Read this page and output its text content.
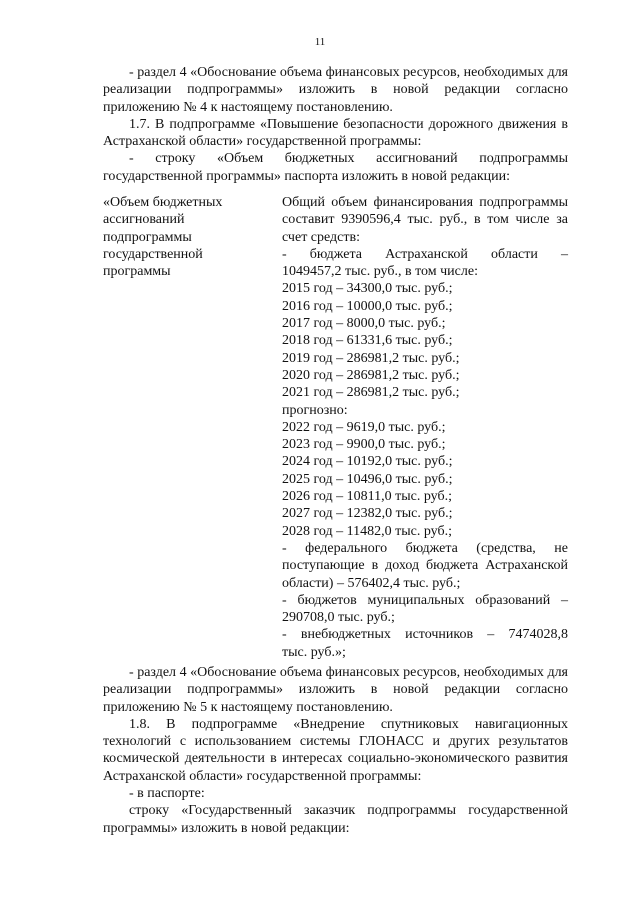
11

- раздел 4 «Обоснование объема финансовых ресурсов, необходимых для реализации подпрограммы» изложить в новой редакции согласно приложению № 4 к настоящему постановлению.

1.7. В подпрограмме «Повышение безопасности дорожного движения в Астраханской области» государственной программы:

- строку «Объем бюджетных ассигнований подпрограммы государственной программы» паспорта изложить в новой редакции:

«Объем бюджетных ассигнований подпрограммы государственной программы
Общий объем финансирования подпрограммы составит 9390596,4 тыс. руб., в том числе за счет средств:
- бюджета Астраханской области –
1049457,2 тыс. руб., в том числе:
2015 год – 34300,0 тыс. руб.;
2016 год – 10000,0 тыс. руб.;
2017 год – 8000,0 тыс. руб.;
2018 год – 61331,6 тыс. руб.;
2019 год – 286981,2 тыс. руб.;
2020 год – 286981,2 тыс. руб.;
2021 год – 286981,2 тыс. руб.;
прогнозно:
2022 год – 9619,0 тыс. руб.;
2023 год – 9900,0 тыс. руб.;
2024 год – 10192,0 тыс. руб.;
2025 год – 10496,0 тыс. руб.;
2026 год – 10811,0 тыс. руб.;
2027 год – 12382,0 тыс. руб.;
2028 год – 11482,0 тыс. руб.;
- федерального бюджета (средства, не поступающие в доход бюджета Астраханской области) – 576402,4 тыс. руб.;
- бюджетов муниципальных образований – 290708,0 тыс. руб.;
- внебюджетных источников – 7474028,8
тыс. руб.»;

- раздел 4 «Обоснование объема финансовых ресурсов, необходимых для реализации подпрограммы» изложить в новой редакции согласно приложению № 5 к настоящему постановлению.

1.8. В подпрограмме «Внедрение спутниковых навигационных технологий с использованием системы ГЛОНАСС и других результатов космической деятельности в интересах социально-экономического развития Астраханской области» государственной программы:

- в паспорте:

строку «Государственный заказчик подпрограммы государственной программы» изложить в новой редакции:
